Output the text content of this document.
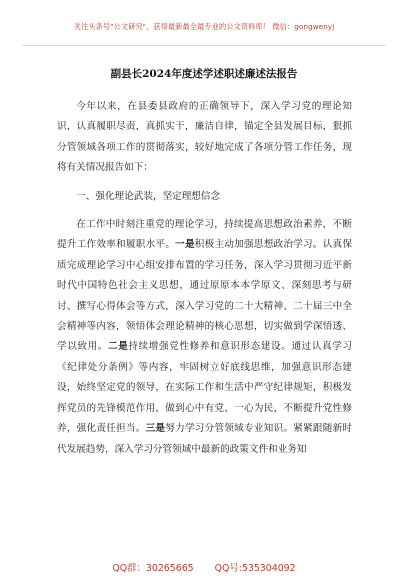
关注头条号"公文研究"，获得最新最全最专业的公文资料库！ 微信：gongwenyj
副县长2024年度述学述职述廉述法报告

今年以来，在县委县政府的正确领导下，深入学习党的理论知识，认真履职尽责，真抓实干，廉洁自律，锚定全县发展目标，狠抓分管领域各项工作的贯彻落实，较好地完成了各项分管工作任务，现将有关情况报告如下：

一、强化理论武装，坚定理想信念

在工作中时刻注重党的理论学习，持续提高思想政治素养，不断提升工作效率和履职水平。一是积极主动加强思想政治学习。认真保质完成理论学习中心组安排布置的学习任务，深入学习贯彻习近平新时代中国特色社会主义思想，通过原原本本学原文、深刻思考与研讨、撰写心得体会等方式，深入学习党的二十大精神、二十届三中全会精神等内容，领悟体会理论精神的核心思想，切实做到学深悟透、学以致用。二是持续增强党性修养和意识形态建设。通过认真学习《纪律处分条例》等内容，牢固树立好底线思维，加强意识形态建设，始终坚定党的领导，在实际工作和生活中严守纪律规矩，积极发挥党员的先锋模范作用，做到心中有党、一心为民，不断提升党性修养，强化责任担当。三是努力学习分管领域专业知识。紧紧跟随新时代发展趋势，深入学习分管领域中最新的政策文件和业务知

QQ群：30265665 QQ号:535304092
